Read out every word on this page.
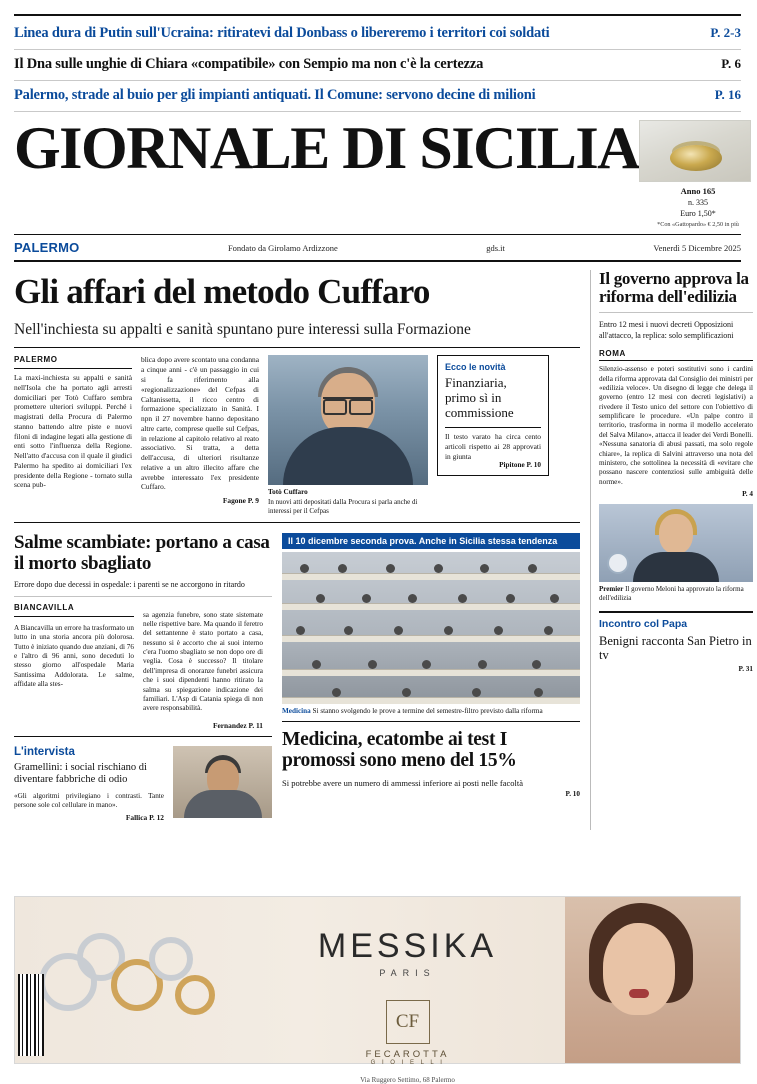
Linea dura di Putin sull'Ucraina: ritiratevi dal Donbass o libereremo i territori coi soldati	P. 2-3
Il Dna sulle unghie di Chiara «compatibile» con Sempio ma non c'è la certezza	P. 6
Palermo, strade al buio per gli impianti antiquati. Il Comune: servono decine di milioni	P. 16
GIORNALE DI SICILIA
Anno 165
n. 335
Euro 1,50*
*Con «Gattopardo» € 2,50 in più
PALERMO	Fondato da Girolamo Ardizzone	gds.it	Venerdì 5 Dicembre 2025
Gli affari del metodo Cuffaro
Nell'inchiesta su appalti e sanità spuntano pure interessi sulla Formazione
PALERMO

La maxi-inchiesta su appalti e sanità nell'Isola che ha portato agli arresti domiciliari per Totò Cuffaro sembra promettere ulteriori sviluppi. Perché i magistrati della Procura di Palermo stanno battendo altre piste e nuovi filoni di indagine legati alla gestione di enti sotto l'influenza della Regione. Nell'atto d'accusa con il quale il giudici Palermo ha spedito ai domiciliari l'ex presidente della Regione - tornato sulla scena pub-

blica dopo avere scontato una condanna a cinque anni - c'è un passaggio in cui si fa riferimento alla «regionalizzazione» del Cefpas di Caltanissetta, il ricco centro di formazione specializzato in Sanità. I npn il 27 novembre hanno depositano altre carte, comprese quelle sul Cefpas, in relazione al capitolo relativo al reato associativo. Si tratta, a detta dell'accusa, di ulteriori risultanze relative a un altro illecito affare che avrebbe interessato l'ex presidente Cuffaro.

Fagone P. 9
Totò Cuffaro
In nuovi atti depositati dalla Procura si parla anche di interessi per il Cefpas
Ecco le novità
Finanziaria, primo sì in commissione
Il testo varato ha circa cento articoli rispetto ai 28 approvati in giunta
Pipitone P. 10
Salme scambiate: portano a casa il morto sbagliato
Errore dopo due decessi in ospedale: i parenti se ne accorgono in ritardo
BIANCAVILLA

A Biancavilla un errore ha trasformato un lutto in una storia ancora più dolorosa. Tutto è iniziato quando due anziani, di 76 e l'altro di 96 anni, sono deceduti lo stesso giorno all'ospedale Maria Santissima Addolorata. Le salme, affidate alla stes-

sa agenzia funebre, sono state sistemate nelle rispettive bare. Ma quando il feretro del settantenne è stato portato a casa, nessuno si è accorto che ai suoi interno c'era l'uomo sbagliato se non dopo ore di veglia. Cosa è successo? Il titolare dell'impresa di onoranze funebri assicura che i suoi dipendenti hanno ritirato la salma su spiegazione indicazione dei familiari. L'Asp di Catania spiega di non avere responsabilità.

Fernandez P. 11
L'intervista
Gramellini: i social rischiano di diventare fabbriche di odio
«Gli algoritmi privilegiano i contrasti. Tante persone sole col cellulare in mano».
Fallica P. 12
Il 10 dicembre seconda prova. Anche in Sicilia stessa tendenza
Medicina Si stanno svolgendo le prove a termine del semestre-filtro previsto dalla riforma
Medicina, ecatombe ai test I promossi sono meno del 15%
Si potrebbe avere un numero di ammessi inferiore ai posti nelle facoltà
P. 10
Il governo approva la riforma dell'edilizia
Entro 12 mesi i nuovi decreti Opposizioni all'attacco, la replica: solo semplificazioni
ROMA
Silenzio-assenso e poteri sostitutivi sono i cardini della riforma approvata dal Consiglio dei ministri per «edilizia veloce». Un disegno di legge che delega il governo (entro 12 mesi con decreti legislativi) a rivedere il Testo unico del settore con l'obiettivo di semplificare le procedure. «Un palpe contro il territorio, trasforma in norma il modello accelerato del Salva Milano», attacca il leader dei Verdi Bonelli. «Nessuna sanatoria di abusi passati, ma solo regole chiare», la replica di Salvini attraverso una nota del ministero, che sottolinea la necessità di «evitare che possano nascere contenziosi sulle ambiguità delle norme».
P. 4
Premier Il governo Meloni ha approvato la riforma dell'edilizia
Incontro col Papa
Benigni racconta San Pietro in tv
P. 31
MESSIKA
PARIS
CF
FECAROTTA
G I O I E L L I
Via Ruggero Settimo, 68 Palermo
